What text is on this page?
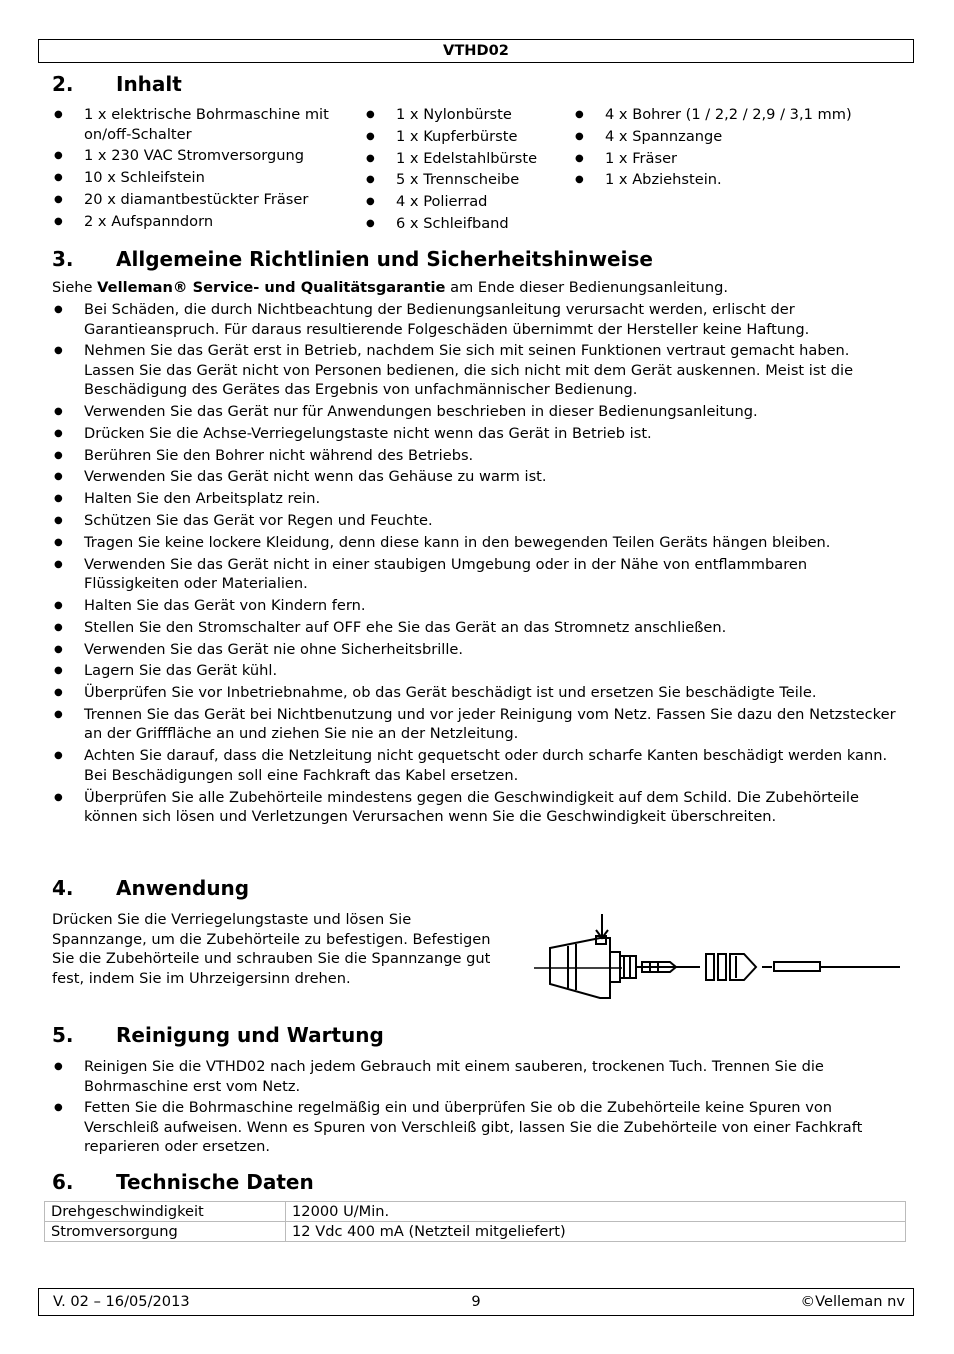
VTHD02
2. Inhalt
● 1 x elektrische Bohrmaschine mit on/off-Schalter
● 1 x 230 VAC Stromversorgung
● 10 x Schleifstein
● 20 x diamantbestückter Fräser
● 2 x Aufspanndorn
● 1 x Nylonbürste
● 1 x Kupferbürste
● 1 x Edelstahlbürste
● 5 x Trennscheibe
● 4 x Polierrad
● 6 x Schleifband
● 4 x Bohrer (1 / 2,2 / 2,9 / 3,1 mm)
● 4 x Spannzange
● 1 x Fräser
● 1 x Abziehstein.
3. Allgemeine Richtlinien und Sicherheitshinweise
Siehe Velleman® Service- und Qualitätsgarantie am Ende dieser Bedienungsanleitung.
● Bei Schäden, die durch Nichtbeachtung der Bedienungsanleitung verursacht werden, erlischt der Garantieanspruch. Für daraus resultierende Folgeschäden übernimmt der Hersteller keine Haftung.
● Nehmen Sie das Gerät erst in Betrieb, nachdem Sie sich mit seinen Funktionen vertraut gemacht haben. Lassen Sie das Gerät nicht von Personen bedienen, die sich nicht mit dem Gerät auskennen. Meist ist die Beschädigung des Gerätes das Ergebnis von unfachmännischer Bedienung.
● Verwenden Sie das Gerät nur für Anwendungen beschrieben in dieser Bedienungsanleitung.
● Drücken Sie die Achse-Verriegelungstaste nicht wenn das Gerät in Betrieb ist.
● Berühren Sie den Bohrer nicht während des Betriebs.
● Verwenden Sie das Gerät nicht wenn das Gehäuse zu warm ist.
● Halten Sie den Arbeitsplatz rein.
● Schützen Sie das Gerät vor Regen und Feuchte.
● Tragen Sie keine lockere Kleidung, denn diese kann in den bewegenden Teilen Geräts hängen bleiben.
● Verwenden Sie das Gerät nicht in einer staubigen Umgebung oder in der Nähe von entflammbaren Flüssigkeiten oder Materialien.
● Halten Sie das Gerät von Kindern fern.
● Stellen Sie den Stromschalter auf OFF ehe Sie das Gerät an das Stromnetz anschließen.
● Verwenden Sie das Gerät nie ohne Sicherheitsbrille.
● Lagern Sie das Gerät kühl.
● Überprüfen Sie vor Inbetriebnahme, ob das Gerät beschädigt ist und ersetzen Sie beschädigte Teile.
● Trennen Sie das Gerät bei Nichtbenutzung und vor jeder Reinigung vom Netz. Fassen Sie dazu den Netzstecker an der Grifffläche an und ziehen Sie nie an der Netzleitung.
● Achten Sie darauf, dass die Netzleitung nicht gequetscht oder durch scharfe Kanten beschädigt werden kann. Bei Beschädigungen soll eine Fachkraft das Kabel ersetzen.
● Überprüfen Sie alle Zubehörteile mindestens gegen die Geschwindigkeit auf dem Schild. Die Zubehörteile können sich lösen und Verletzungen Verursachen wenn Sie die Geschwindigkeit überschreiten.
4. Anwendung
Drücken Sie die Verriegelungstaste und lösen Sie Spannzange, um die Zubehörteile zu befestigen. Befestigen Sie die Zubehörteile und schrauben Sie die Spannzange gut fest, indem Sie im Uhrzeigersinn drehen.
5. Reinigung und Wartung
● Reinigen Sie die VTHD02 nach jedem Gebrauch mit einem sauberen, trockenen Tuch. Trennen Sie die Bohrmaschine erst vom Netz.
● Fetten Sie die Bohrmaschine regelmäßig ein und überprüfen Sie ob die Zubehörteile keine Spuren von Verschleiß aufweisen. Wenn es Spuren von Verschleiß gibt, lassen Sie die Zubehörteile von einer Fachkraft reparieren oder ersetzen.
6. Technische Daten
Drehgeschwindigkeit	12000 U/Min.
Stromversorgung	12 Vdc 400 mA (Netzteil mitgeliefert)
V. 02 – 16/05/2013	9	©Velleman nv
